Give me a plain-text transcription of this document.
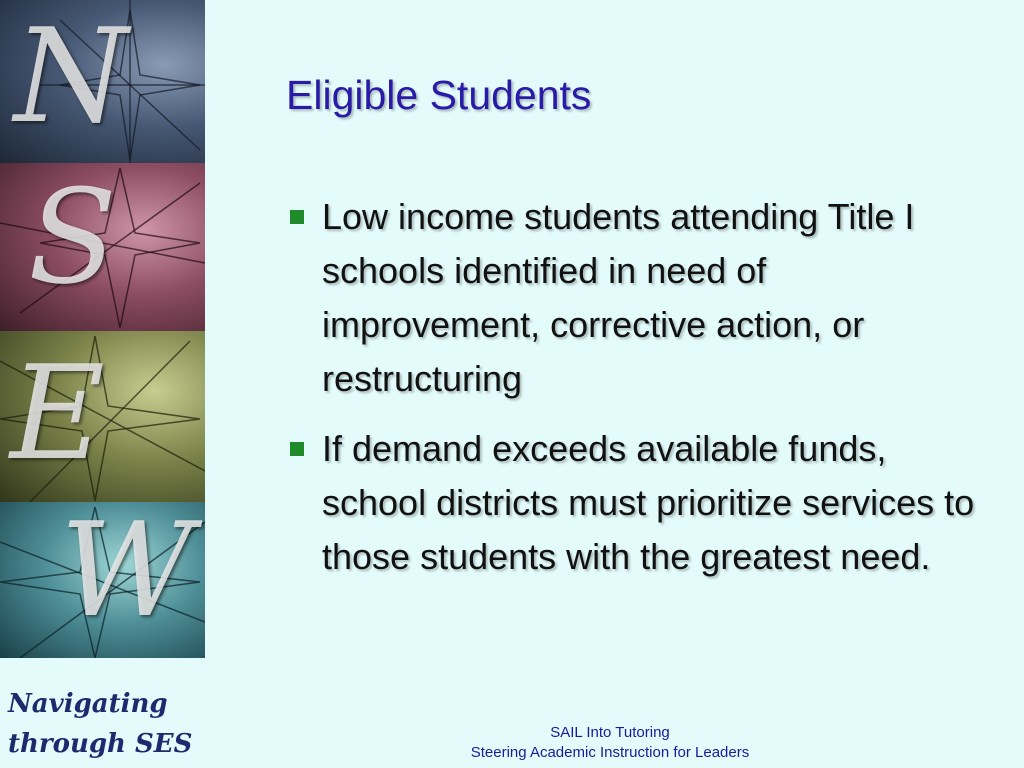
N
S
E
W
Navigating
through SES
Eligible Students
Low income students attending Title I schools identified in need of improvement, corrective action, or restructuring
If demand exceeds available funds, school districts must prioritize services to those students with the greatest need.
SAIL Into Tutoring
Steering Academic Instruction for Leaders
